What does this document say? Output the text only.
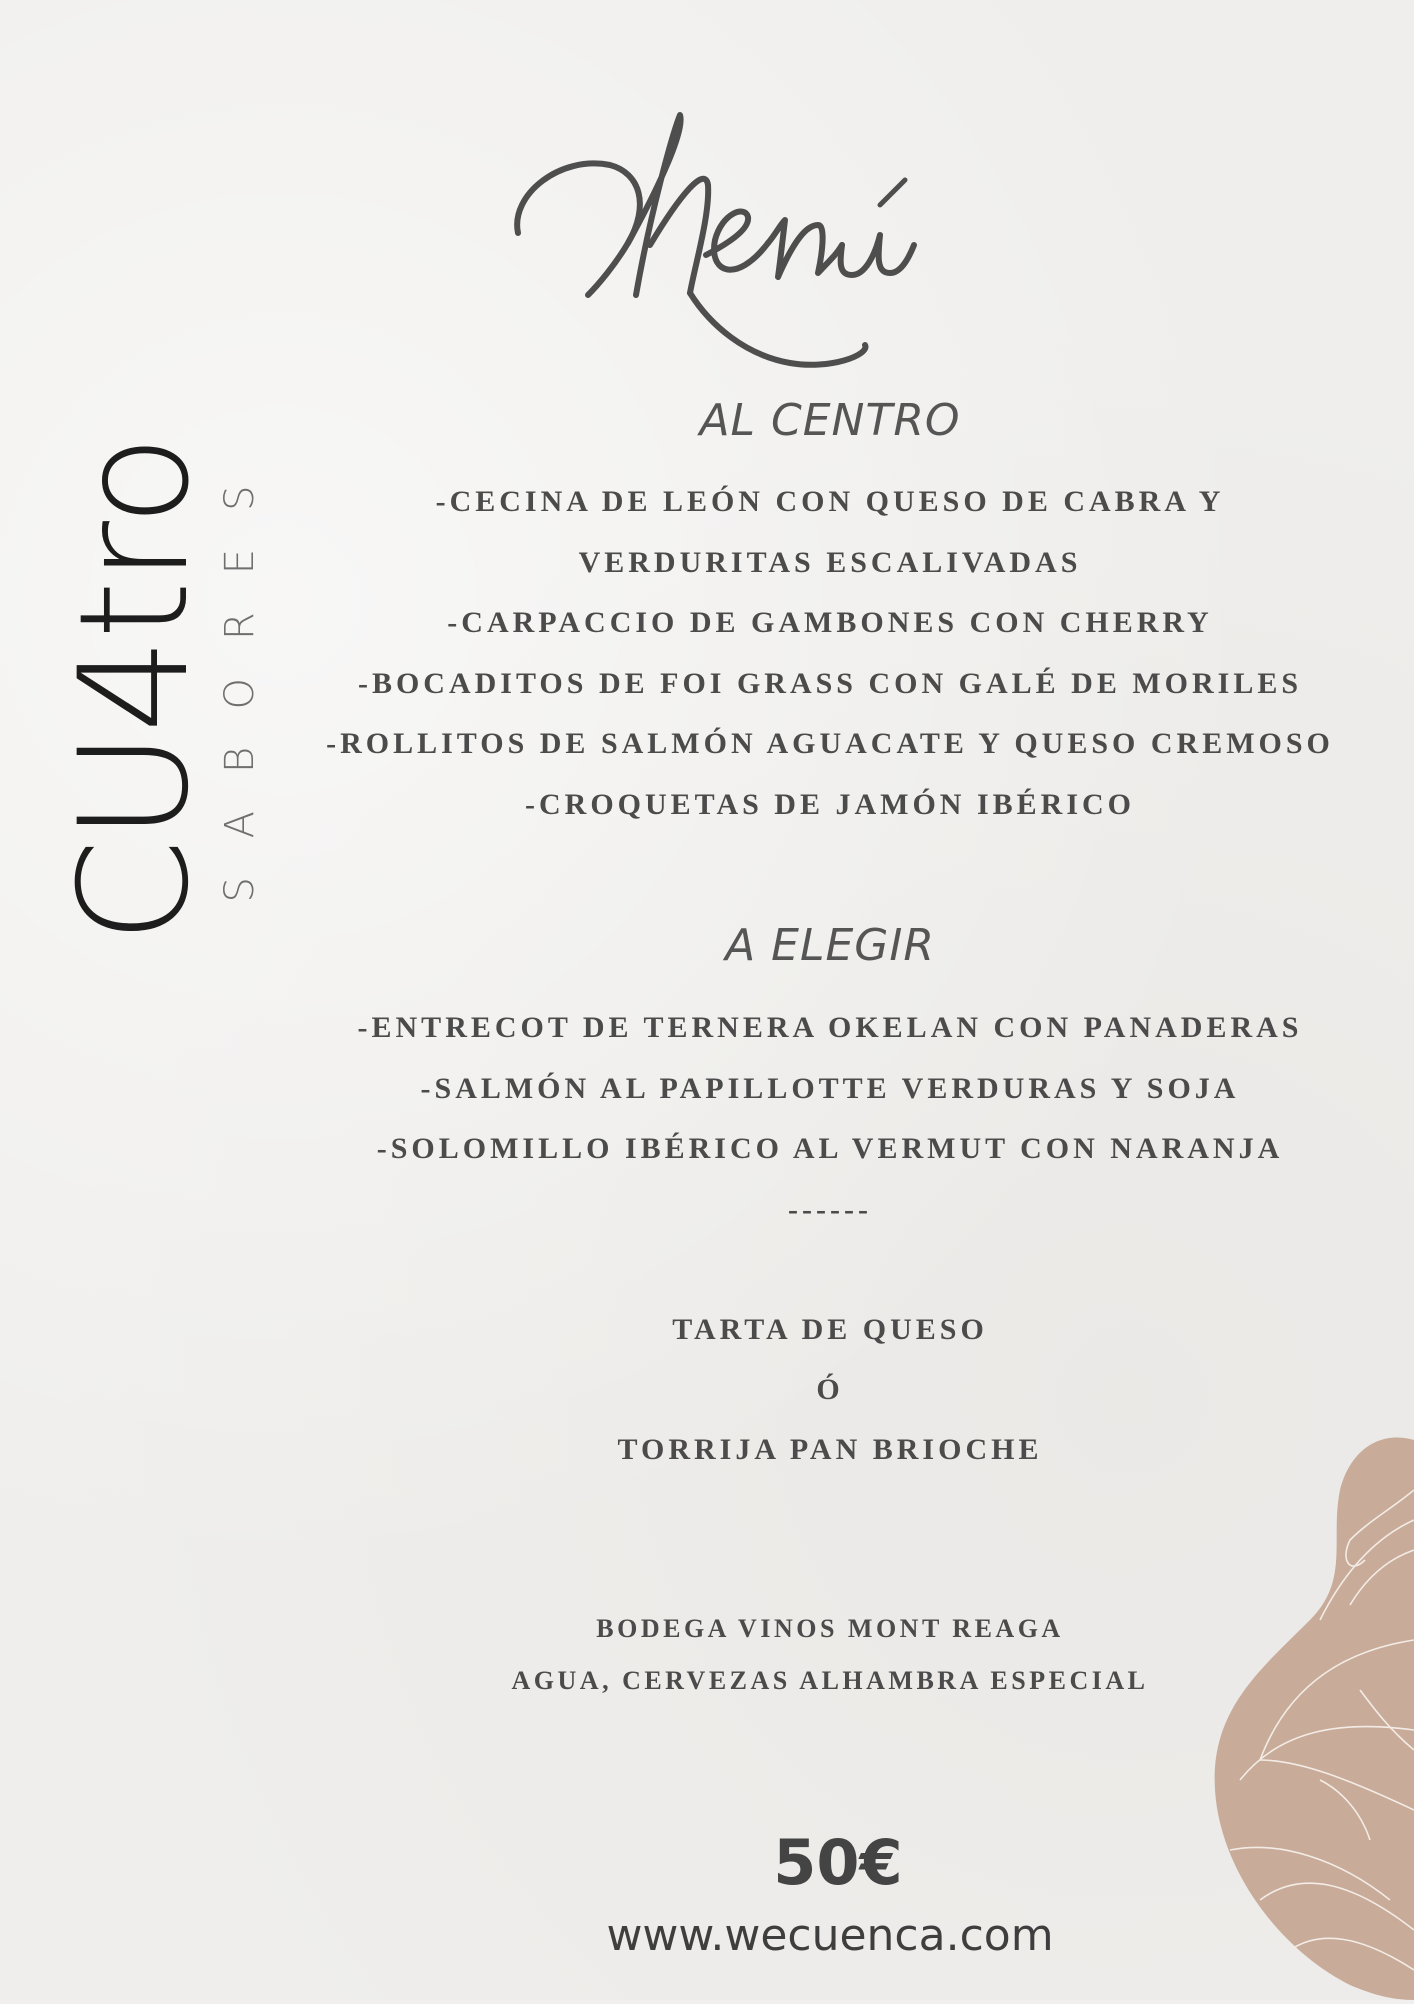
CU4tro
SABORES
AL CENTRO
-CECINA DE LEÓN CON QUESO DE CABRA Y
VERDURITAS ESCALIVADAS
-CARPACCIO DE GAMBONES CON CHERRY
-BOCADITOS DE FOI GRASS CON GALÉ DE MORILES
-ROLLITOS DE SALMÓN AGUACATE Y QUESO CREMOSO
-CROQUETAS DE JAMÓN IBÉRICO
A ELEGIR
-ENTRECOT DE TERNERA OKELAN CON PANADERAS
-SALMÓN AL PAPILLOTTE VERDURAS Y SOJA
-SOLOMILLO IBÉRICO AL VERMUT CON NARANJA
------
TARTA DE QUESO
Ó
TORRIJA PAN BRIOCHE
BODEGA VINOS MONT REAGA
AGUA, CERVEZAS ALHAMBRA ESPECIAL
50€
www.wecuenca.com
